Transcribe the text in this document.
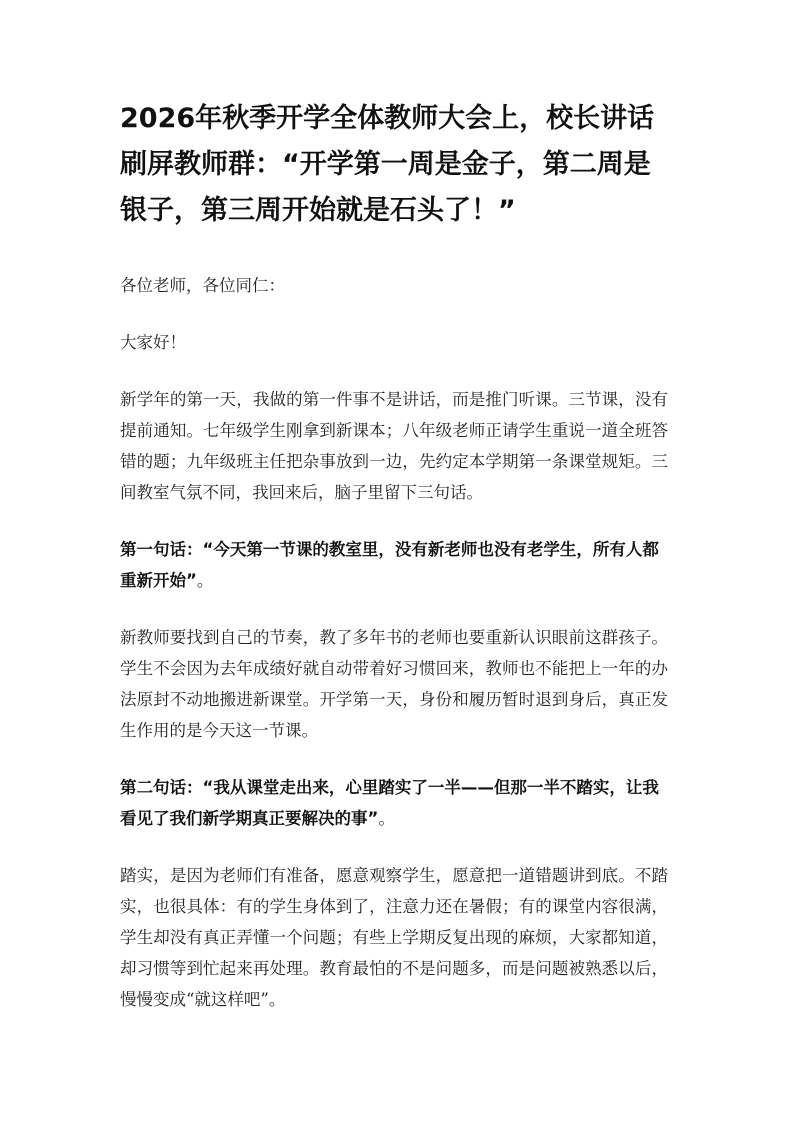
2026年秋季开学全体教师大会上，校长讲话刷屏教师群：“开学第一周是金子，第二周是银子，第三周开始就是石头了！”

各位老师，各位同仁：

大家好！

新学年的第一天，我做的第一件事不是讲话，而是推门听课。三节课，没有提前通知。七年级学生刚拿到新课本；八年级老师正请学生重说一道全班答错的题；九年级班主任把杂事放到一边，先约定本学期第一条课堂规矩。三间教室气氛不同，我回来后，脑子里留下三句话。

第一句话：“今天第一节课的教室里，没有新老师也没有老学生，所有人都重新开始”。

新教师要找到自己的节奏，教了多年书的老师也要重新认识眼前这群孩子。学生不会因为去年成绩好就自动带着好习惯回来，教师也不能把上一年的办法原封不动地搬进新课堂。开学第一天，身份和履历暂时退到身后，真正发生作用的是今天这一节课。

第二句话：“我从课堂走出来，心里踏实了一半——但那一半不踏实，让我看见了我们新学期真正要解决的事”。

踏实，是因为老师们有准备，愿意观察学生，愿意把一道错题讲到底。不踏实，也很具体：有的学生身体到了，注意力还在暑假；有的课堂内容很满，学生却没有真正弄懂一个问题；有些上学期反复出现的麻烦，大家都知道，却习惯等到忙起来再处理。教育最怕的不是问题多，而是问题被熟悉以后，慢慢变成“就这样吧”。
